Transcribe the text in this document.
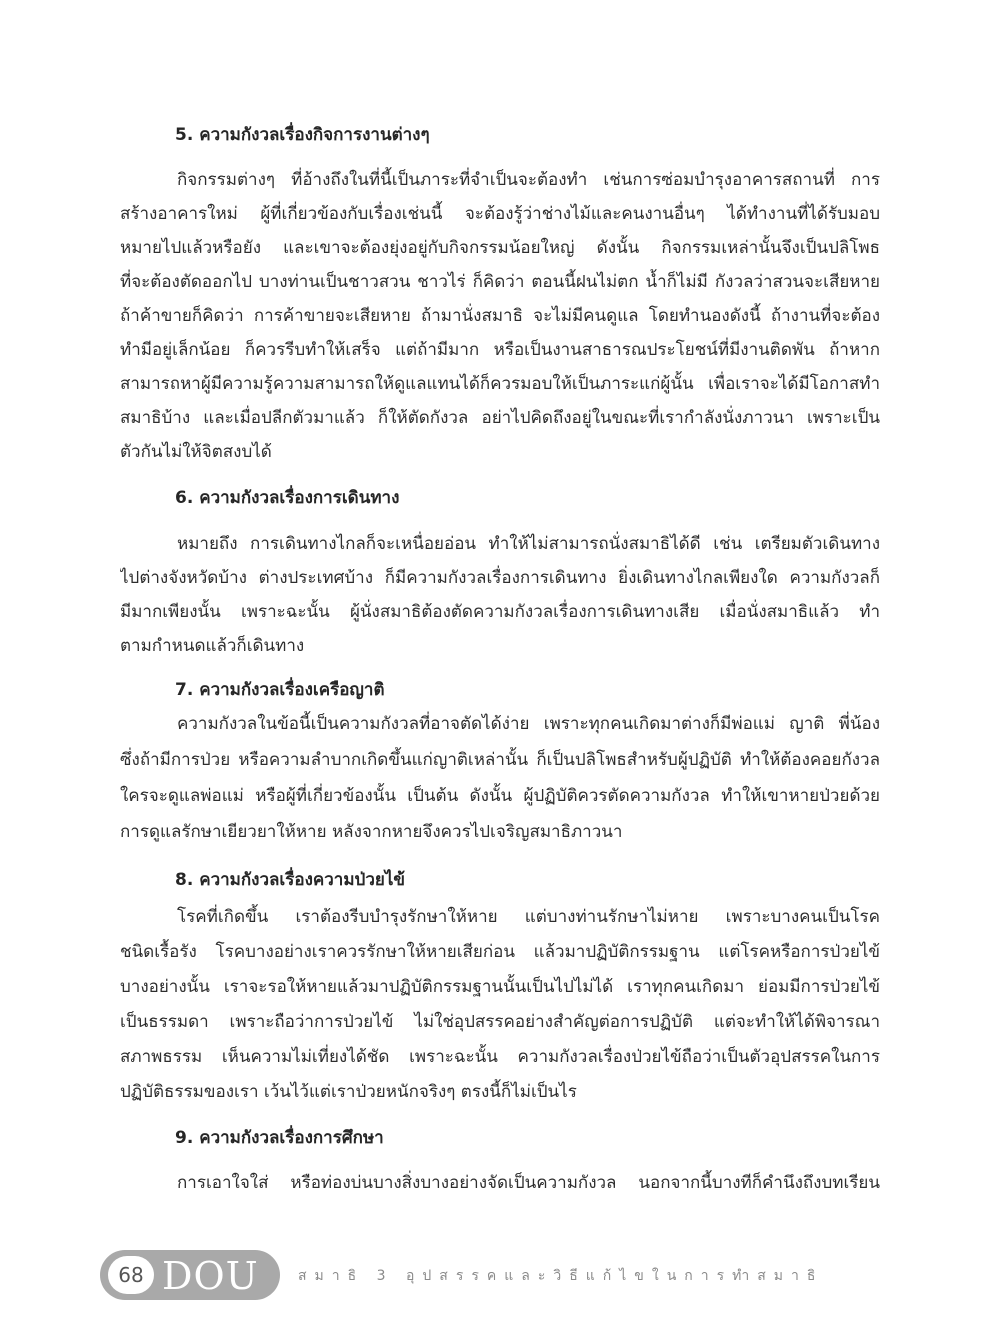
5. ความกังวลเรื่องกิจการงานต่างๆ
กิจกรรมต่างๆ ที่อ้างถึงในที่นี้เป็นภาระที่จำเป็นจะต้องทำ เช่นการซ่อมบำรุงอาคารสถานที่ การ
สร้างอาคารใหม่ ผู้ที่เกี่ยวข้องกับเรื่องเช่นนี้ จะต้องรู้ว่าช่างไม้และคนงานอื่นๆ ได้ทำงานที่ได้รับมอบ
หมายไปแล้วหรือยัง และเขาจะต้องยุ่งอยู่กับกิจกรรมน้อยใหญ่ ดังนั้น กิจกรรมเหล่านั้นจึงเป็นปลิโพธ
ที่จะต้องตัดออกไป บางท่านเป็นชาวสวน ชาวไร่ ก็คิดว่า ตอนนี้ฝนไม่ตก น้ำก็ไม่มี กังวลว่าสวนจะเสียหาย
ถ้าค้าขายก็คิดว่า การค้าขายจะเสียหาย ถ้ามานั่งสมาธิ จะไม่มีคนดูแล โดยทำนองดังนี้ ถ้างานที่จะต้อง
ทำมีอยู่เล็กน้อย ก็ควรรีบทำให้เสร็จ แต่ถ้ามีมาก หรือเป็นงานสาธารณประโยชน์ที่มีงานติดพัน ถ้าหาก
สามารถหาผู้มีความรู้ความสามารถให้ดูแลแทนได้ก็ควรมอบให้เป็นภาระแก่ผู้นั้น เพื่อเราจะได้มีโอกาสทำ
สมาธิบ้าง และเมื่อปลีกตัวมาแล้ว ก็ให้ตัดกังวล อย่าไปคิดถึงอยู่ในขณะที่เรากำลังนั่งภาวนา เพราะเป็น
ตัวกันไม่ให้จิตสงบได้
6. ความกังวลเรื่องการเดินทาง
หมายถึง การเดินทางไกลก็จะเหนื่อยอ่อน ทำให้ไม่สามารถนั่งสมาธิได้ดี เช่น เตรียมตัวเดินทาง
ไปต่างจังหวัดบ้าง ต่างประเทศบ้าง ก็มีความกังวลเรื่องการเดินทาง ยิ่งเดินทางไกลเพียงใด ความกังวลก็
มีมากเพียงนั้น เพราะฉะนั้น ผู้นั่งสมาธิต้องตัดความกังวลเรื่องการเดินทางเสีย เมื่อนั่งสมาธิแล้ว ทำ
ตามกำหนดแล้วก็เดินทาง
7. ความกังวลเรื่องเครือญาติ
ความกังวลในข้อนี้เป็นความกังวลที่อาจตัดได้ง่าย เพราะทุกคนเกิดมาต่างก็มีพ่อแม่ ญาติ พี่น้อง
ซึ่งถ้ามีการป่วย หรือความลำบากเกิดขึ้นแก่ญาติเหล่านั้น ก็เป็นปลิโพธสำหรับผู้ปฏิบัติ ทำให้ต้องคอยกังวล
ใครจะดูแลพ่อแม่ หรือผู้ที่เกี่ยวข้องนั้น เป็นต้น ดังนั้น ผู้ปฏิบัติควรตัดความกังวล ทำให้เขาหายป่วยด้วย
การดูแลรักษาเยียวยาให้หาย หลังจากหายจึงควรไปเจริญสมาธิภาวนา
8. ความกังวลเรื่องความป่วยไข้
โรคที่เกิดขึ้น เราต้องรีบบำรุงรักษาให้หาย แต่บางท่านรักษาไม่หาย เพราะบางคนเป็นโรค
ชนิดเรื้อรัง โรคบางอย่างเราควรรักษาให้หายเสียก่อน แล้วมาปฏิบัติกรรมฐาน แต่โรคหรือการป่วยไข้
บางอย่างนั้น เราจะรอให้หายแล้วมาปฏิบัติกรรมฐานนั้นเป็นไปไม่ได้ เราทุกคนเกิดมา ย่อมมีการป่วยไข้
เป็นธรรมดา เพราะถือว่าการป่วยไข้ ไม่ใช่อุปสรรคอย่างสำคัญต่อการปฏิบัติ แต่จะทำให้ได้พิจารณา
สภาพธรรม เห็นความไม่เที่ยงได้ชัด เพราะฉะนั้น ความกังวลเรื่องป่วยไข้ถือว่าเป็นตัวอุปสรรคในการ
ปฏิบัติธรรมของเรา เว้นไว้แต่เราป่วยหนักจริงๆ ตรงนี้ก็ไม่เป็นไร
9. ความกังวลเรื่องการศึกษา
การเอาใจใส่ หรือท่องบ่นบางสิ่งบางอย่างจัดเป็นความกังวล นอกจากนี้บางทีก็คำนึงถึงบทเรียน
68 DOU	สมาธิ 3 อุปสรรคและวิธีแก้ไขในการทำสมาธิ
